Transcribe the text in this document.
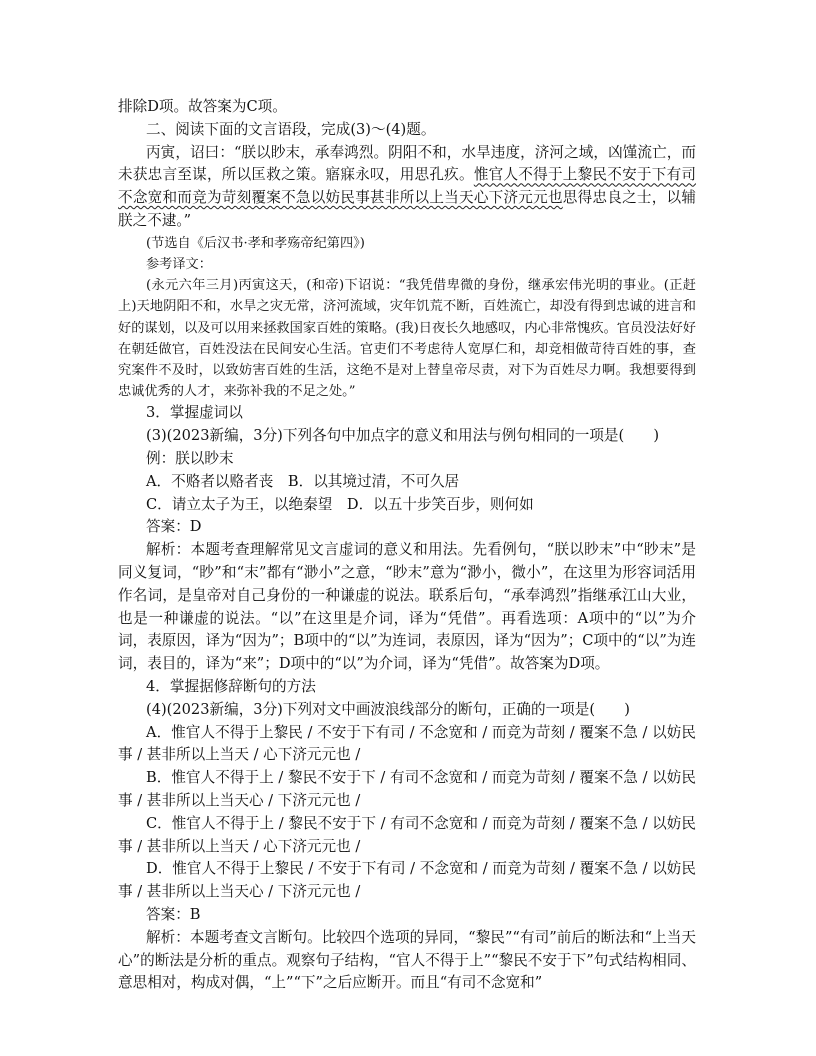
排除D项。故答案为C项。

二、阅读下面的文言语段，完成(3)～(4)题。

丙寅，诏曰：“朕以眇末，承奉鸿烈。阴阳不和，水旱违度，济河之域，凶馑流亡，而未获忠言至谋，所以匡救之策。寤寐永叹，用思孔疚。惟官人不得于上黎民不安于下有司不念宽和而竞为苛刻覆案不急以妨民事甚非所以上当天心下济元元也思得忠良之士，以辅朕之不逮。”

(节选自《后汉书·孝和孝殇帝纪第四》)

参考译文：

(永元六年三月)丙寅这天，(和帝)下诏说：“我凭借卑微的身份，继承宏伟光明的事业。(正赶上)天地阴阳不和，水旱之灾无常，济河流域，灾年饥荒不断，百姓流亡，却没有得到忠诚的进言和好的谋划，以及可以用来拯救国家百姓的策略。(我)日夜长久地感叹，内心非常愧疚。官员没法好好在朝廷做官，百姓没法在民间安心生活。官吏们不考虑待人宽厚仁和，却竞相做苛待百姓的事，查究案件不及时，以致妨害百姓的生活，这绝不是对上替皇帝尽责，对下为百姓尽力啊。我想要得到忠诚优秀的人才，来弥补我的不足之处。”

3．掌握虚词以

(3)(2023新编，3分)下列各句中加点字的意义和用法与例句相同的一项是(　　)

例：朕以眇末

A．不赂者以赂者丧　B．以其境过清，不可久居

C．请立太子为王，以绝秦望　D．以五十步笑百步，则何如

答案：D

解析：本题考查理解常见文言虚词的意义和用法。先看例句，“朕以眇末”中“眇末”是同义复词，“眇”和“末”都有“渺小”之意，“眇末”意为“渺小，微小”，在这里为形容词活用作名词，是皇帝对自己身份的一种谦虚的说法。联系后句，“承奉鸿烈”指继承江山大业，也是一种谦虚的说法。“以”在这里是介词，译为“凭借”。再看选项：A项中的“以”为介词，表原因，译为“因为”；B项中的“以”为连词，表原因，译为“因为”；C项中的“以”为连词，表目的，译为“来”；D项中的“以”为介词，译为“凭借”。故答案为D项。

4．掌握据修辞断句的方法

(4)(2023新编，3分)下列对文中画波浪线部分的断句，正确的一项是(　　)

A．惟官人不得于上黎民 / 不安于下有司 / 不念宽和 / 而竞为苛刻 / 覆案不急 / 以妨民事 / 甚非所以上当天 / 心下济元元也 /

B．惟官人不得于上 / 黎民不安于下 / 有司不念宽和 / 而竞为苛刻 / 覆案不急 / 以妨民事 / 甚非所以上当天心 / 下济元元也 /

C．惟官人不得于上 / 黎民不安于下 / 有司不念宽和 / 而竞为苛刻 / 覆案不急 / 以妨民事 / 甚非所以上当天 / 心下济元元也 /

D．惟官人不得于上黎民 / 不安于下有司 / 不念宽和 / 而竞为苛刻 / 覆案不急 / 以妨民事 / 甚非所以上当天心 / 下济元元也 /

答案：B

解析：本题考查文言断句。比较四个选项的异同，“黎民”“有司”前后的断法和“上当天心”的断法是分析的重点。观察句子结构，“官人不得于上”“黎民不安于下”句式结构相同、意思相对，构成对偶，“上”“下”之后应断开。而且“有司不念宽和”
